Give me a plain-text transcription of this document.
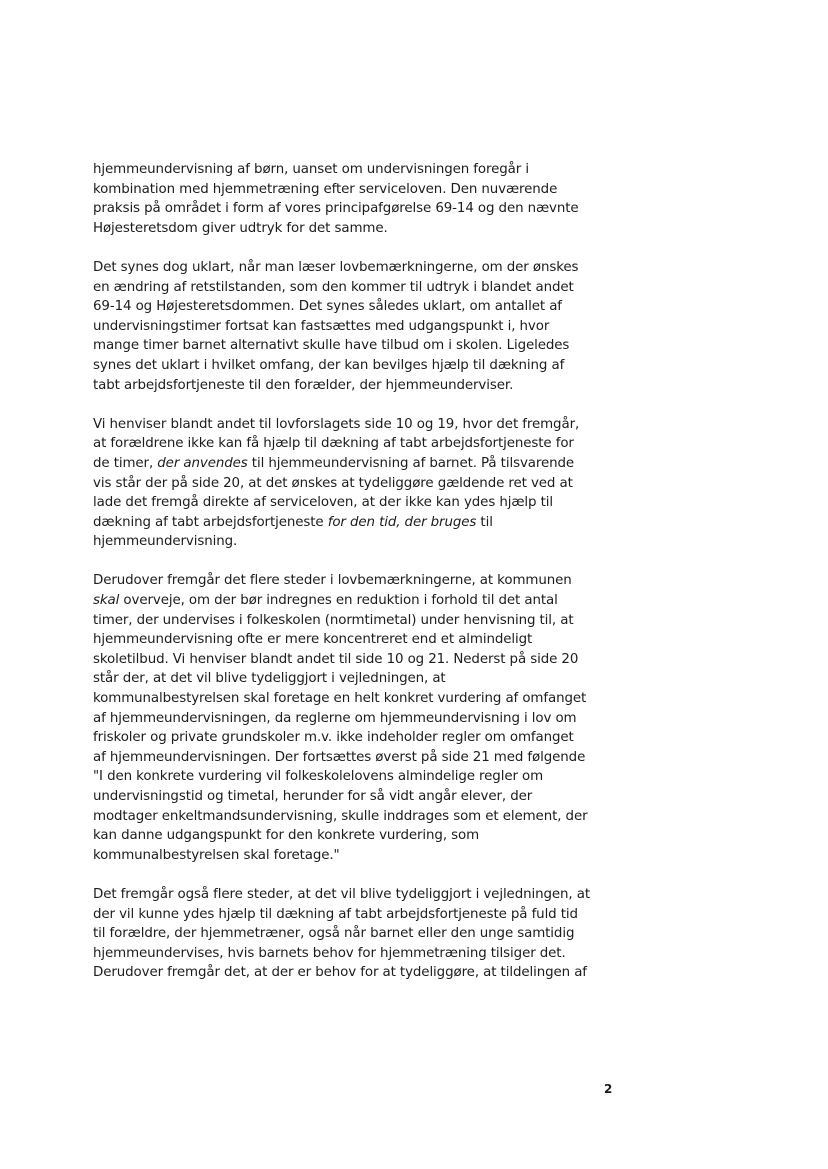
hjemmeundervisning af børn, uanset om undervisningen foregår i
kombination med hjemmetræning efter serviceloven. Den nuværende
praksis på området i form af vores principafgørelse 69-14 og den nævnte
Højesteretsdom giver udtryk for det samme.

Det synes dog uklart, når man læser lovbemærkningerne, om der ønskes
en ændring af retstilstanden, som den kommer til udtryk i blandet andet
69-14 og Højesteretsdommen. Det synes således uklart, om antallet af
undervisningstimer fortsat kan fastsættes med udgangspunkt i, hvor
mange timer barnet alternativt skulle have tilbud om i skolen. Ligeledes
synes det uklart i hvilket omfang, der kan bevilges hjælp til dækning af
tabt arbejdsfortjeneste til den forælder, der hjemmeunderviser.

Vi henviser blandt andet til lovforslagets side 10 og 19, hvor det fremgår,
at forældrene ikke kan få hjælp til dækning af tabt arbejdsfortjeneste for
de timer, der anvendes til hjemmeundervisning af barnet. På tilsvarende
vis står der på side 20, at det ønskes at tydeliggøre gældende ret ved at
lade det fremgå direkte af serviceloven, at der ikke kan ydes hjælp til
dækning af tabt arbejdsfortjeneste for den tid, der bruges til
hjemmeundervisning.

Derudover fremgår det flere steder i lovbemærkningerne, at kommunen
skal overveje, om der bør indregnes en reduktion i forhold til det antal
timer, der undervises i folkeskolen (normtimetal) under henvisning til, at
hjemmeundervisning ofte er mere koncentreret end et almindeligt
skoletilbud. Vi henviser blandt andet til side 10 og 21. Nederst på side 20
står der, at det vil blive tydeliggjort i vejledningen, at
kommunalbestyrelsen skal foretage en helt konkret vurdering af omfanget
af hjemmeundervisningen, da reglerne om hjemmeundervisning i lov om
friskoler og private grundskoler m.v. ikke indeholder regler om omfanget
af hjemmeundervisningen. Der fortsættes øverst på side 21 med følgende
"I den konkrete vurdering vil folkeskolelovens almindelige regler om
undervisningstid og timetal, herunder for så vidt angår elever, der
modtager enkeltmandsundervisning, skulle inddrages som et element, der
kan danne udgangspunkt for den konkrete vurdering, som
kommunalbestyrelsen skal foretage."

Det fremgår også flere steder, at det vil blive tydeliggjort i vejledningen, at
der vil kunne ydes hjælp til dækning af tabt arbejdsfortjeneste på fuld tid
til forældre, der hjemmetræner, også når barnet eller den unge samtidig
hjemmeundervises, hvis barnets behov for hjemmetræning tilsiger det.
Derudover fremgår det, at der er behov for at tydeliggøre, at tildelingen af

2
